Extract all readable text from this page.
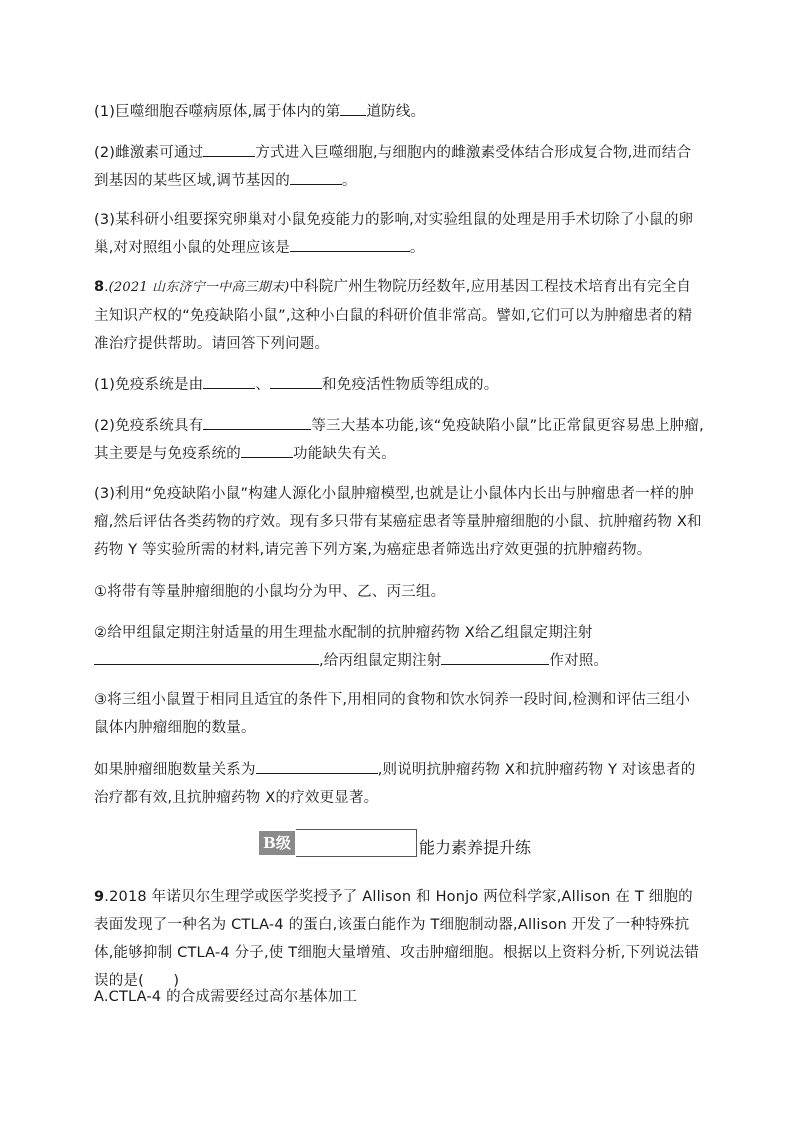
(1)巨噬细胞吞噬病原体,属于体内的第 道防线。
(2)雌激素可通过	方式进入巨噬细胞,与细胞内的雌激素受体结合形成复合物,进而结合到基因的某些区域,调节基因的	。
(3)某科研小组要探究卵巢对小鼠免疫能力的影响,对实验组鼠的处理是用手术切除了小鼠的卵巢,对对照组小鼠的处理应该是	。
8.(2021 山东济宁一中高三期末)中科院广州生物院历经数年,应用基因工程技术培育出有完全自主知识产权的“免疫缺陷小鼠”,这种小白鼠的科研价值非常高。譬如,它们可以为肿瘤患者的精准治疗提供帮助。请回答下列问题。
(1)免疫系统是由	、	和免疫活性物质等组成的。
(2)免疫系统具有	等三大基本功能,该“免疫缺陷小鼠”比正常鼠更容易患上肿瘤,其主要是与免疫系统的	功能缺失有关。
(3)利用“免疫缺陷小鼠”构建人源化小鼠肿瘤模型,也就是让小鼠体内长出与肿瘤患者一样的肿瘤,然后评估各类药物的疗效。现有多只带有某癌症患者等量肿瘤细胞的小鼠、抗肿瘤药物 X和药物 Y 等实验所需的材料,请完善下列方案,为癌症患者筛选出疗效更强的抗肿瘤药物。
①将带有等量肿瘤细胞的小鼠均分为甲、乙、丙三组。
②给甲组鼠定期注射适量的用生理盐水配制的抗肿瘤药物 X给乙组鼠定期注射,给丙组鼠定期注射	作对照。
③将三组小鼠置于相同且适宜的条件下,用相同的食物和饮水饲养一段时间,检测和评估三组小鼠体内肿瘤细胞的数量。
如果肿瘤细胞数量关系为	,则说明抗肿瘤药物 X和抗肿瘤药物 Y 对该患者的治疗都有效,且抗肿瘤药物 X的疗效更显著。
B级	能力素养提升练
9.2018 年诺贝尔生理学或医学奖授予了 Allison 和 Honjo 两位科学家,Allison 在 T 细胞的表面发现了一种名为 CTLA-4 的蛋白,该蛋白能作为 T细胞制动器,Allison 开发了一种特殊抗体,能够抑制 CTLA-4 分子,使 T细胞大量增殖、攻击肿瘤细胞。根据以上资料分析,下列说法错误的是(　　)
A.CTLA-4 的合成需要经过高尔基体加工
